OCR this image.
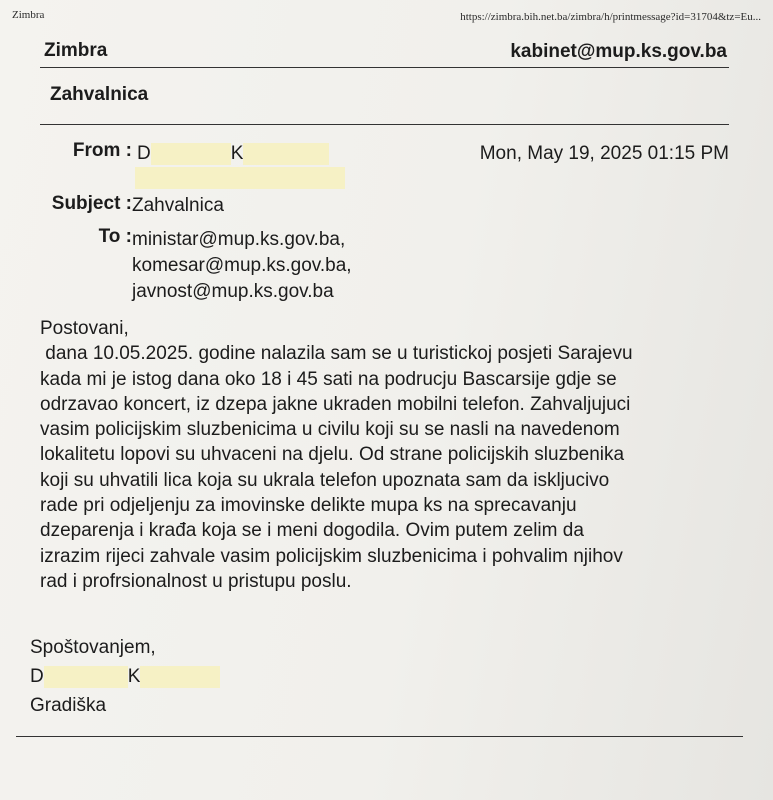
Zimbra	https://zimbra.bih.net.ba/zimbra/h/printmessage?id=31704&tz=Eu...
Zimbra	kabinet@mup.ks.gov.ba
Zahvalnica
From : D	K	Mon, May 19, 2025 01:15 PM
Subject : Zahvalnica
To : ministar@mup.ks.gov.ba,
komesar@mup.ks.gov.ba,
javnost@mup.ks.gov.ba
Postovani,
dana 10.05.2025. godine nalazila sam se u turistickoj posjeti Sarajevu
kada mi je istog dana oko 18 i 45 sati na podrucju Bascarsije gdje se
odrzavao koncert, iz dzepa jakne ukraden mobilni telefon. Zahvaljujuci
vasim policijskim sluzbenicima u civilu koji su se nasli na navedenom
lokalitetu lopovi su uhvaceni na djelu. Od strane policijskih sluzbenika
koji su uhvatili lica koja su ukrala telefon upoznata sam da iskljucivo
rade pri odjeljenju za imovinske delikte mupa ks na sprecavanju
dzeparenja i krađa koja se i meni dogodila. Ovim putem zelim da
izrazim rijeci zahvale vasim policijskim sluzbenicima i pohvalim njihov
rad i profrsionalnost u pristupu poslu.
Spoštovanjem,
D	K
Gradiška
